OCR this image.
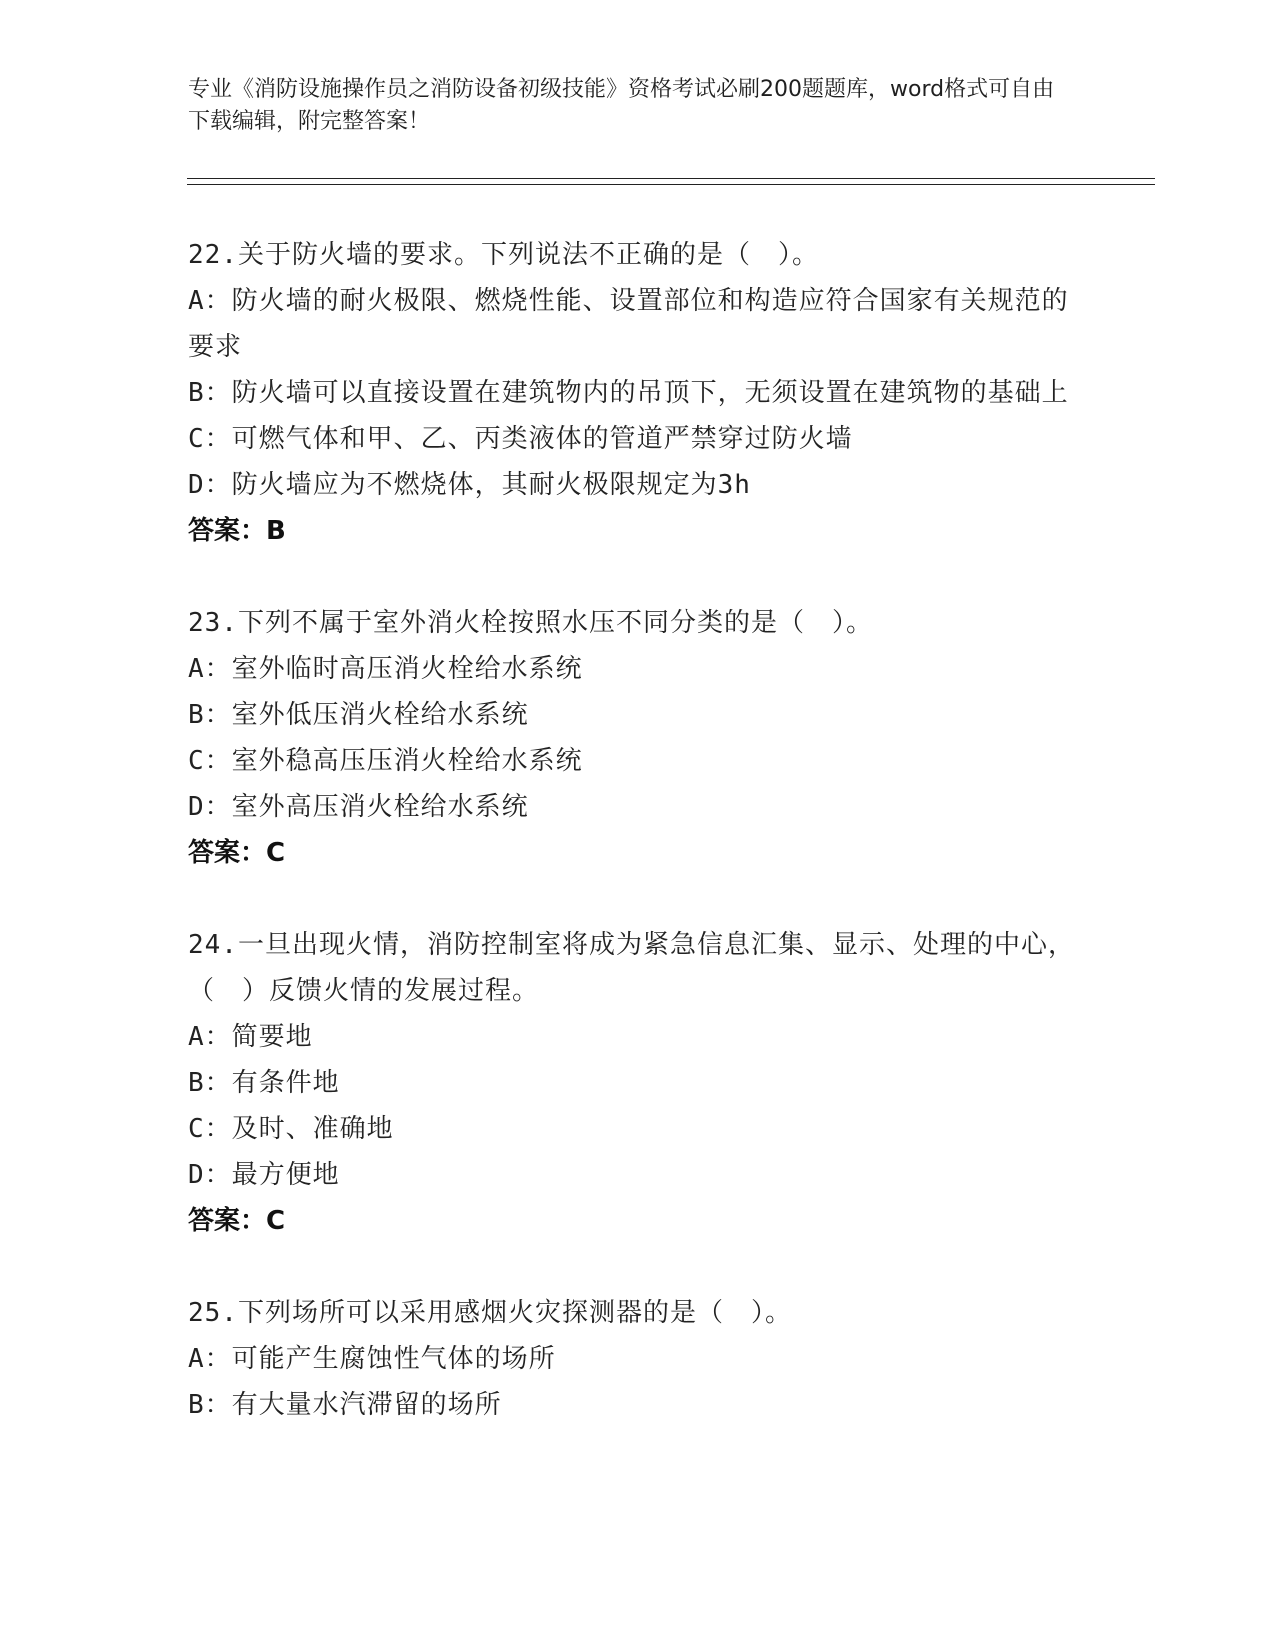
专业《消防设施操作员之消防设备初级技能》资格考试必刷200题题库，word格式可自由下载编辑，附完整答案！
22.关于防火墙的要求。下列说法不正确的是（　）。
A：防火墙的耐火极限、燃烧性能、设置部位和构造应符合国家有关规范的要求
B：防火墙可以直接设置在建筑物内的吊顶下，无须设置在建筑物的基础上
C：可燃气体和甲、乙、丙类液体的管道严禁穿过防火墙
D：防火墙应为不燃烧体，其耐火极限规定为3h
答案：B
23.下列不属于室外消火栓按照水压不同分类的是（　）。
A：室外临时高压消火栓给水系统
B：室外低压消火栓给水系统
C：室外稳高压压消火栓给水系统
D：室外高压消火栓给水系统
答案：C
24.一旦出现火情，消防控制室将成为紧急信息汇集、显示、处理的中心，（　）反馈火情的发展过程。
A：简要地
B：有条件地
C：及时、准确地
D：最方便地
答案：C
25.下列场所可以采用感烟火灾探测器的是（　）。
A：可能产生腐蚀性气体的场所
B：有大量水汽滞留的场所
